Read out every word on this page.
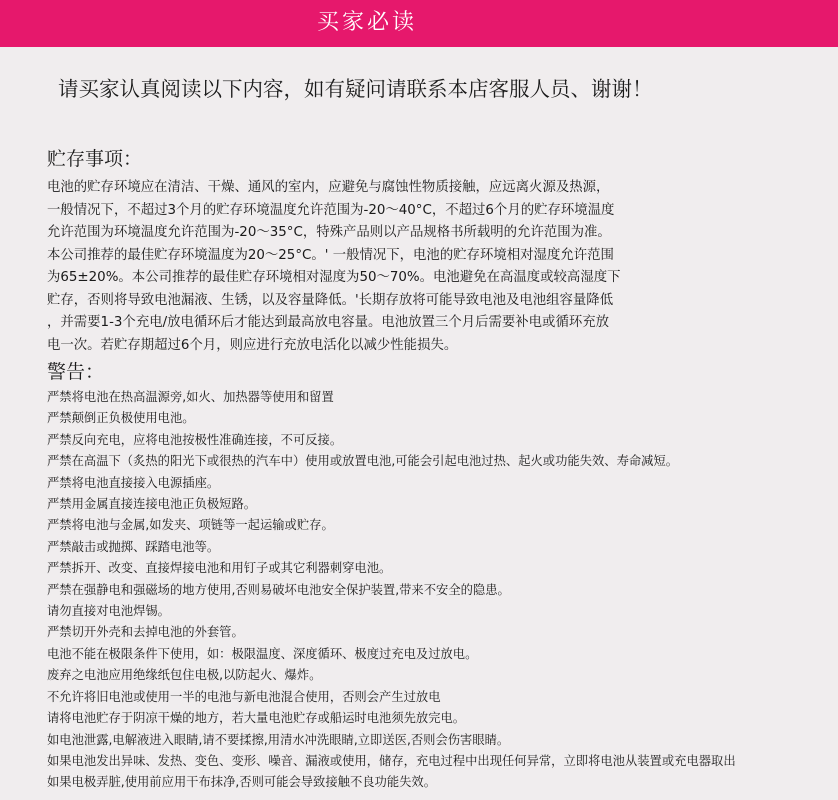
买家必读
请买家认真阅读以下内容，如有疑问请联系本店客服人员、谢谢！
贮存事项：
电池的贮存环境应在清洁、干燥、通风的室内，应避免与腐蚀性物质接触，应远离火源及热源，
一般情况下，不超过3个月的贮存环境温度允许范围为-20～40°C，不超过6个月的贮存环境温度
允许范围为环境温度允许范围为-20～35°C，特殊产品则以产品规格书所载明的允许范围为准。
本公司推荐的最佳贮存环境温度为20～25°C。' 一般情况下，电池的贮存环境相对湿度允许范围
为65±20%。本公司推荐的最佳贮存环境相对湿度为50～70%。电池避免在高温度或较高湿度下
贮存，否则将导致电池漏液、生锈，以及容量降低。'长期存放将可能导致电池及电池组容量降低
，并需要1-3个充电/放电循环后才能达到最高放电容量。电池放置三个月后需要补电或循环充放
电一次。若贮存期超过6个月，则应进行充放电活化以减少性能损失。
警告：
严禁将电池在热高温源旁,如火、加热器等使用和留置
严禁颠倒正负极使用电池。
严禁反向充电，应将电池按极性准确连接，不可反接。
严禁在高温下（炙热的阳光下或很热的汽车中）使用或放置电池,可能会引起电池过热、起火或功能失效、寿命减短。
严禁将电池直接接入电源插座。
严禁用金属直接连接电池正负极短路。
严禁将电池与金属,如发夹、项链等一起运输或贮存。
严禁敲击或抛掷、踩踏电池等。
严禁拆开、改变、直接焊接电池和用钉子或其它利器刺穿电池。
严禁在强静电和强磁场的地方使用,否则易破坏电池安全保护装置,带来不安全的隐患。
请勿直接对电池焊锡。
严禁切开外壳和去掉电池的外套管。
电池不能在极限条件下使用，如：极限温度、深度循环、极度过充电及过放电。
废弃之电池应用绝缘纸包住电极,以防起火、爆炸。
不允许将旧电池或使用一半的电池与新电池混合使用，否则会产生过放电
请将电池贮存于阴凉干燥的地方，若大量电池贮存或船运时电池须先放完电。
如电池泄露,电解液进入眼睛,请不要揉擦,用清水冲洗眼睛,立即送医,否则会伤害眼睛。
如果电池发出异味、发热、变色、变形、噪音、漏液或使用，储存，充电过程中出现任何异常，立即将电池从装置或充电器取出
如果电极弄脏,使用前应用干布抹净,否则可能会导致接触不良功能失效。
